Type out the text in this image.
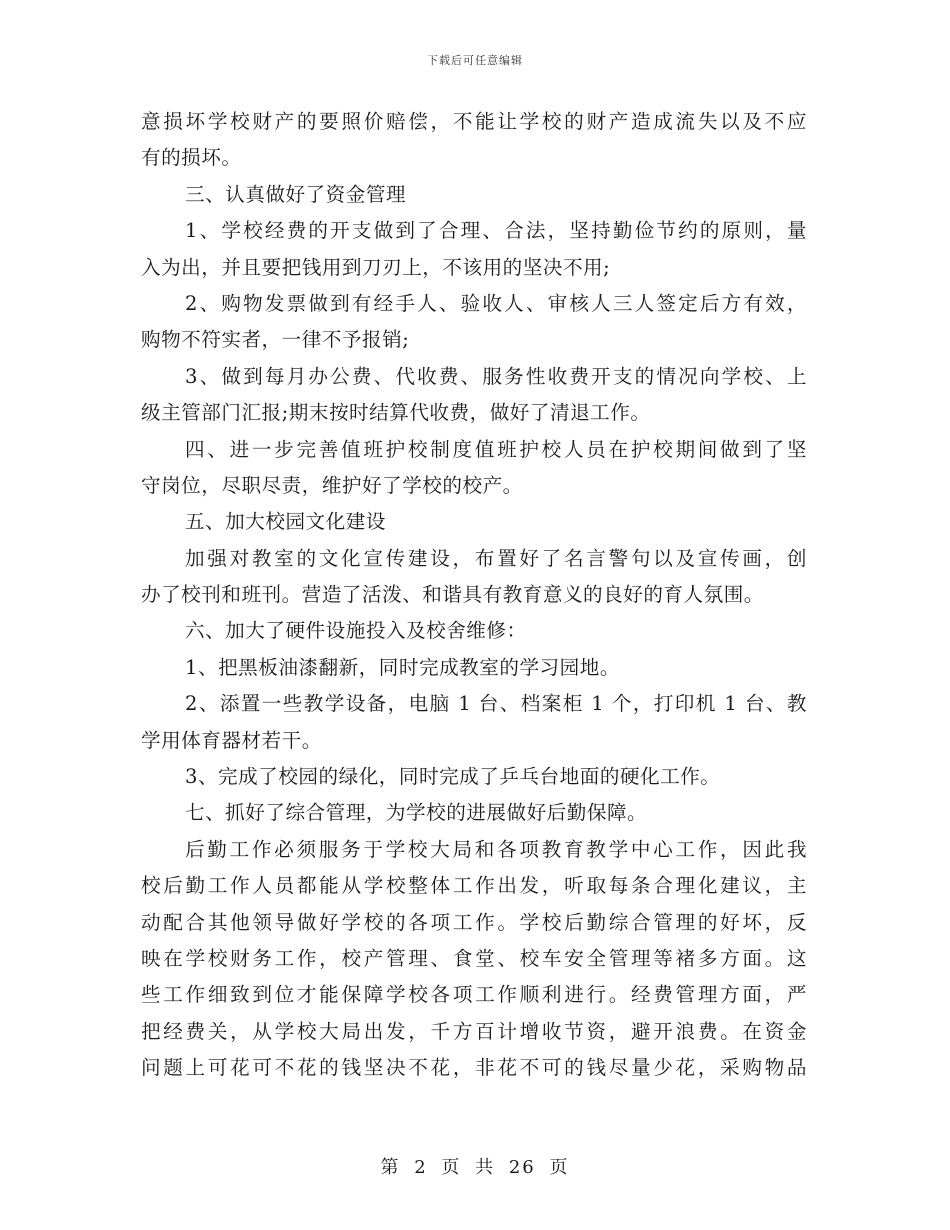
下载后可任意编辑
意损坏学校财产的要照价赔偿，不能让学校的财产造成流失以及不应
有的损坏。
三、认真做好了资金管理
1、学校经费的开支做到了合理、合法，坚持勤俭节约的原则，量
入为出，并且要把钱用到刀刃上，不该用的坚决不用;
2、购物发票做到有经手人、验收人、审核人三人签定后方有效，
购物不符实者，一律不予报销;
3、做到每月办公费、代收费、服务性收费开支的情况向学校、上
级主管部门汇报;期末按时结算代收费，做好了清退工作。
四、进一步完善值班护校制度值班护校人员在护校期间做到了坚
守岗位，尽职尽责，维护好了学校的校产。
五、加大校园文化建设
加强对教室的文化宣传建设，布置好了名言警句以及宣传画，创
办了校刊和班刊。营造了活泼、和谐具有教育意义的良好的育人氛围。
六、加大了硬件设施投入及校舍维修：
1、把黑板油漆翻新，同时完成教室的学习园地。
2、添置一些教学设备，电脑 1 台、档案柜 1 个，打印机 1 台、教
学用体育器材若干。
3、完成了校园的绿化，同时完成了乒乓台地面的硬化工作。
七、抓好了综合管理，为学校的进展做好后勤保障。
后勤工作必须服务于学校大局和各项教育教学中心工作，因此我
校后勤工作人员都能从学校整体工作出发，听取每条合理化建议，主
动配合其他领导做好学校的各项工作。学校后勤综合管理的好坏，反
映在学校财务工作，校产管理、食堂、校车安全管理等褚多方面。这
些工作细致到位才能保障学校各项工作顺利进行。经费管理方面，严
把经费关，从学校大局出发，千方百计增收节资，避开浪费。在资金
问题上可花可不花的钱坚决不花，非花不可的钱尽量少花，采购物品
第 2 页 共 26 页
